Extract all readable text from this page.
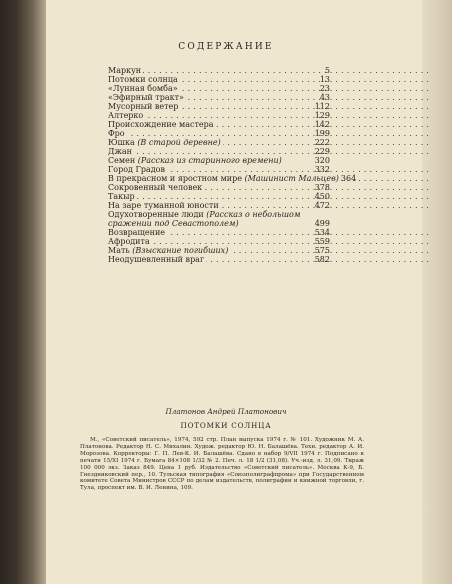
СОДЕРЖАНИЕ
Маркун . . .	5
Потомки солнца . . .	13
«Лунная бомба» . . .	23
«Эфирный тракт» . . .	43
Мусорный ветер . . .	112
Алтерко . . .	129
Происхождение мастера . . .	142
Фро . . .	199
Юшка (В старой деревне) . . .	222
Джан . . .	229
Семен (Рассказ из старинного времени)	320
Город Градов . . .	332
В прекрасном и яростном мире (Машинист Мальцев) . . . 364
Сокровенный человек . . .	378
Такыр . . .	450
На заре туманной юности . . .	472
Одухотворенные люди (Рассказ о небольшом сражении под Севастополем)	499
Возвращение . . .	534
Афродита . . .	559
Мать (Взыскание погибших) . . .	575
Неодушевленный враг . . .	582
Платонов Андрей Платонович
ПОТОМКИ СОЛНЦА
М., «Советский писатель», 1974, 592 стр. План выпуска 1974 г. № 101. Художник М. А. Платонова. Редактор Н. С. Михалин. Худож. редактор Ю. Н. Балашёва. Техн. редактор А. И. Морозова. Корректоры: Г. П. Лев-К. И. Балашёва. Сдано в набор 9/VII 1974 г. Подписано к печати 15/XI 1974 г. Бумага 84×108 1/32 № 2. Печ. л. 18 1/2 (31,08). Уч.-изд. л. 31,09. Тираж 100 000 экз. Заказ 849. Цена 1 руб. Издательство «Советский писатель». Москва К-9, Б. Гнездниковский пер., 10. Тульская типография «Союзполиграфпрома» при Государственном комитете Совета Министров СССР по делам издательств, полиграфии и книжной торговли, г. Тула, проспект им. В. И. Ленина, 109.
